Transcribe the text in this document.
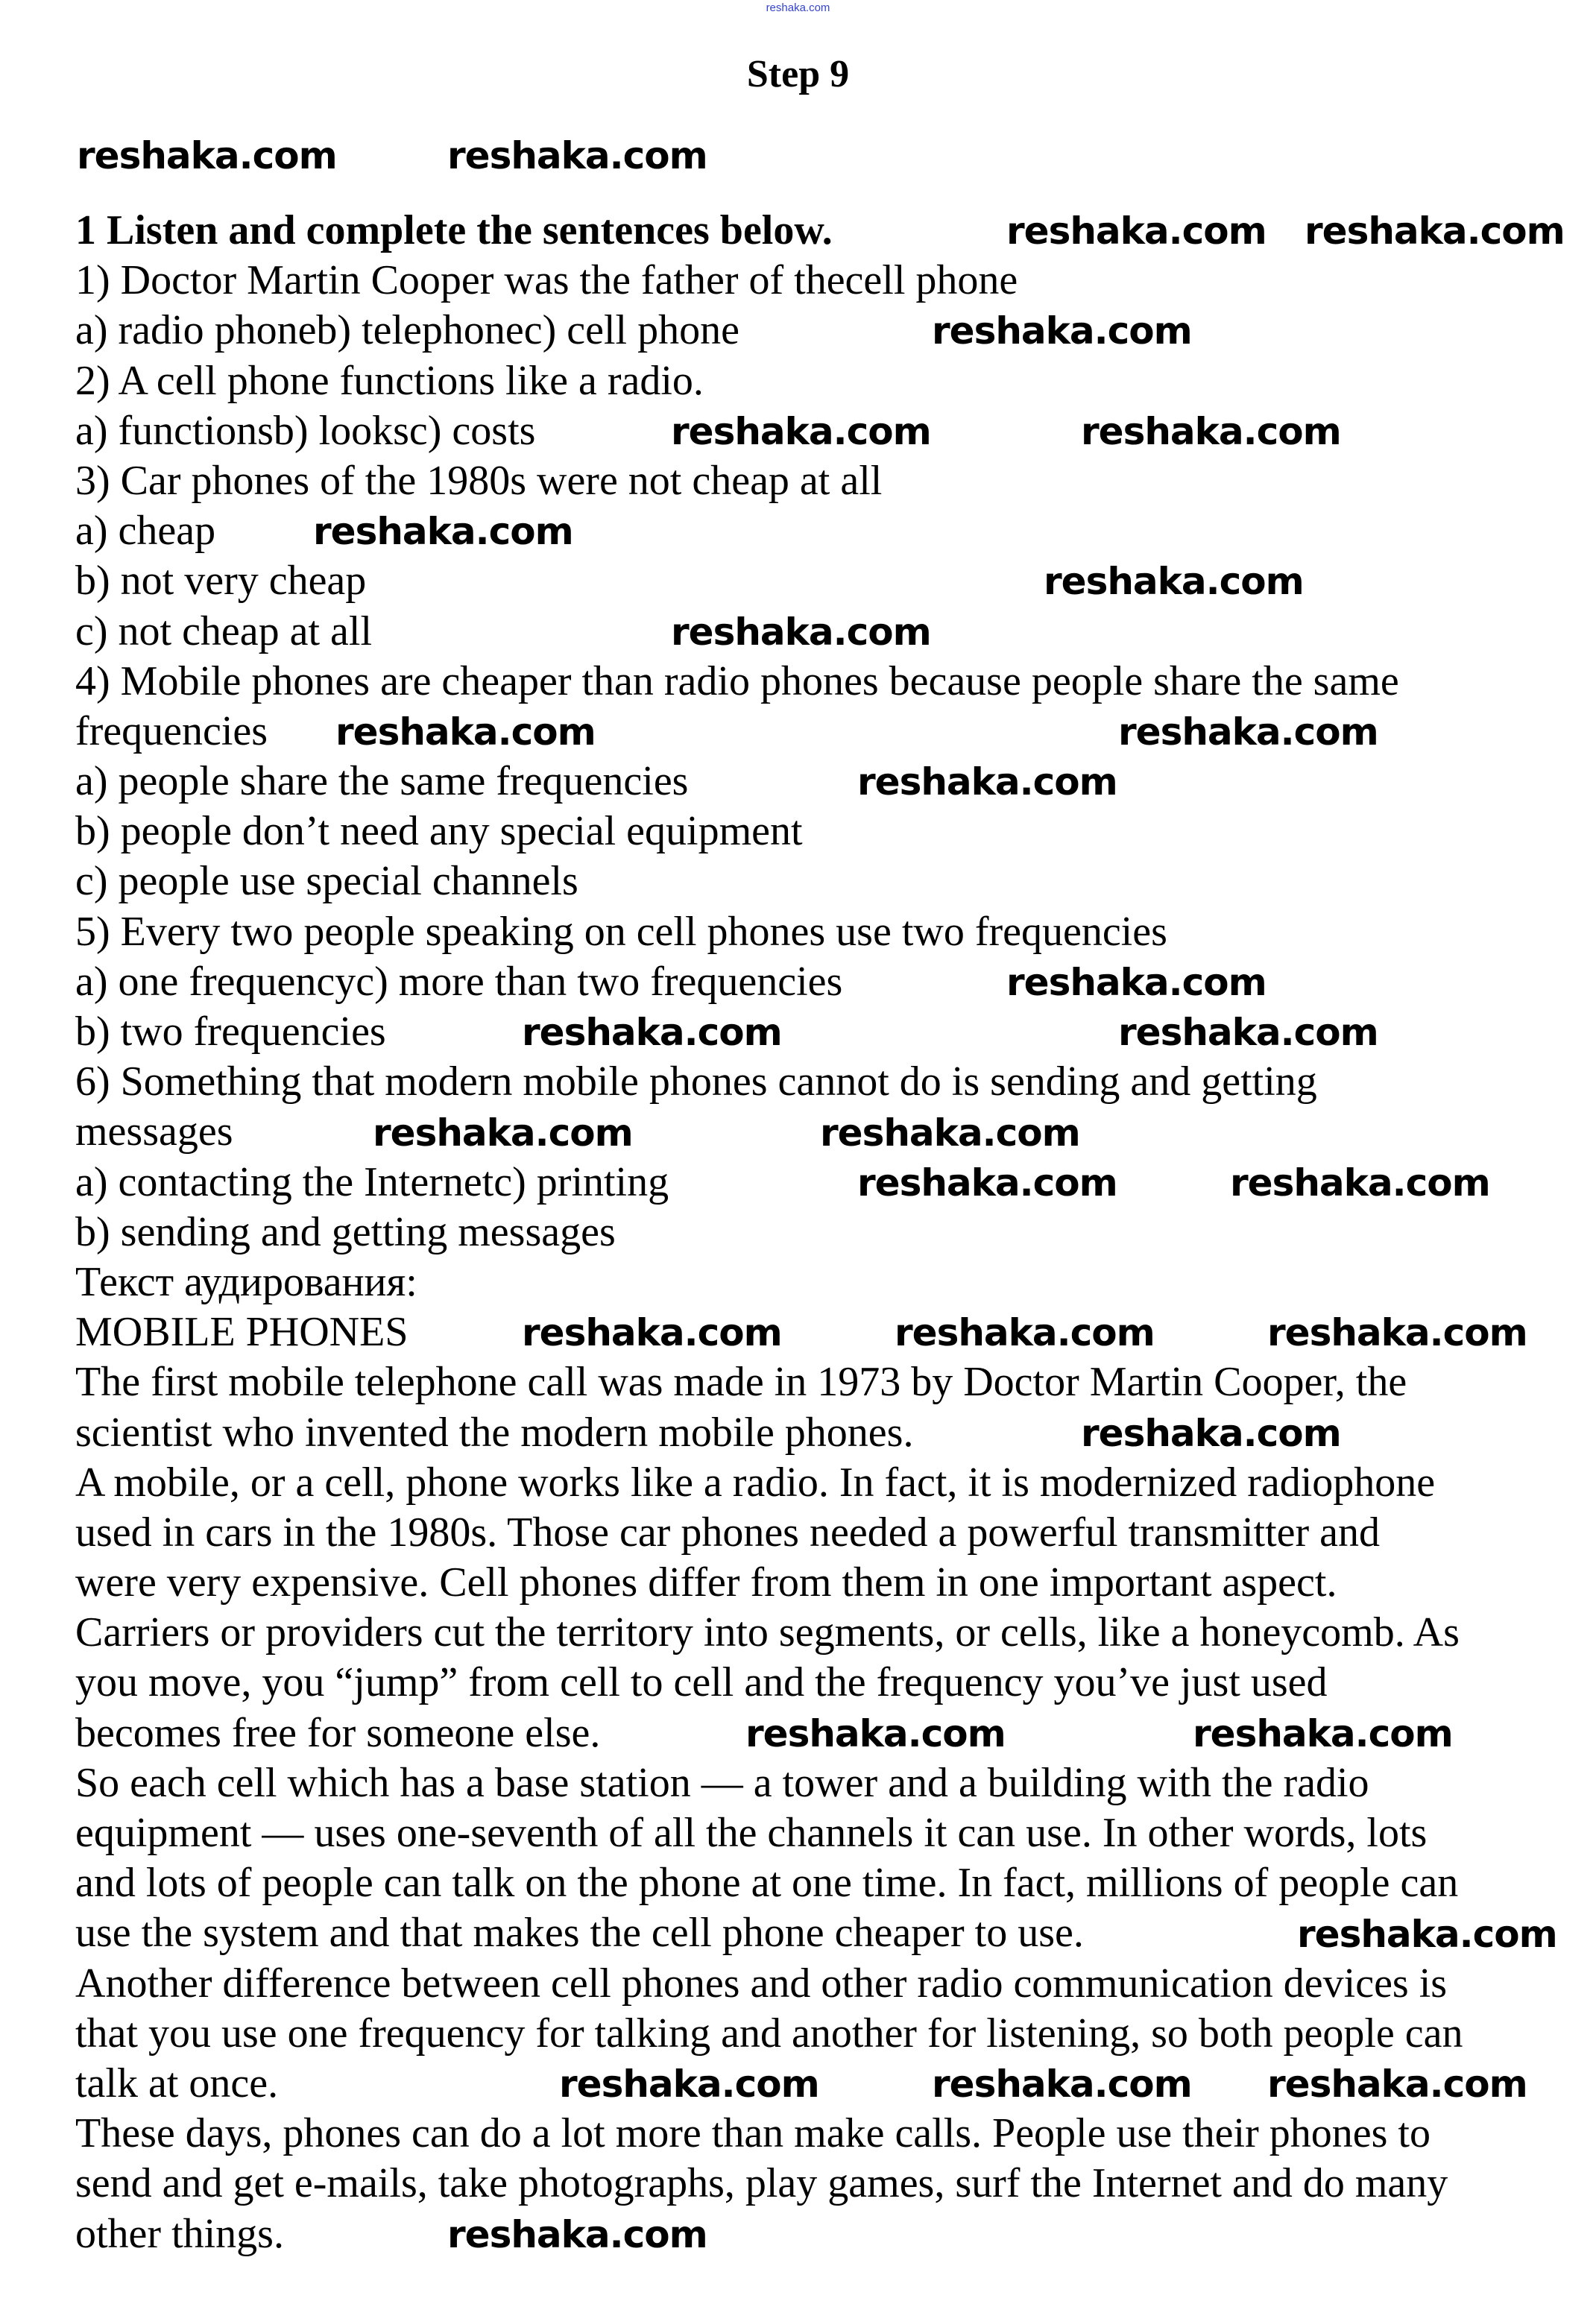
reshaka.com
Step 9
1 Listen and complete the sentences below.
1) Doctor Martin Cooper was the father of thecell phone
a) radio phoneb) telephonec) cell phone
2) A cell phone functions like a radio.
a) functionsb) looksc) costs
3) Car phones of the 1980s were not cheap at all
a) cheap
b) not very cheap
c) not cheap at all
4) Mobile phones are cheaper than radio phones because people share the same
frequencies
a) people share the same frequencies
b) people don’t need any special equipment
c) people use special channels
5) Every two people speaking on cell phones use two frequencies
a) one frequencyc) more than two frequencies
b) two frequencies
6) Something that modern mobile phones cannot do is sending and getting
messages
a) contacting the Internetc) printing
b) sending and getting messages
Текст аудирования:
MOBILE PHONES
The first mobile telephone call was made in 1973 by Doctor Martin Cooper, the
scientist who invented the modern mobile phones.
A mobile, or a cell, phone works like a radio. In fact, it is modernized radiophone
used in cars in the 1980s. Those car phones needed a powerful transmitter and
were very expensive. Cell phones differ from them in one important aspect.
Carriers or providers cut the territory into segments, or cells, like a honeycomb. As
you move, you “jump” from cell to cell and the frequency you’ve just used
becomes free for someone else.
So each cell which has a base station — a tower and a building with the radio
equipment — uses one-seventh of all the channels it can use. In other words, lots
and lots of people can talk on the phone at one time. In fact, millions of people can
use the system and that makes the cell phone cheaper to use.
Another difference between cell phones and other radio communication devices is
that you use one frequency for talking and another for listening, so both people can
talk at once.
These days, phones can do a lot more than make calls. People use their phones to
send and get e-mails, take photographs, play games, surf the Internet and do many
other things.
reshaka.com	reshaka.com
reshaka.com reshaka.com
reshaka.com
reshaka.com	reshaka.com
reshaka.com
reshaka.com
reshaka.com
reshaka.com	reshaka.com
reshaka.com
reshaka.com
reshaka.com	reshaka.com
reshaka.com	reshaka.com
reshaka.com	reshaka.com
reshaka.com	reshaka.com	reshaka.com
reshaka.com
reshaka.com	reshaka.com
reshaka.com
reshaka.com	reshaka.com reshaka.com
reshaka.com
